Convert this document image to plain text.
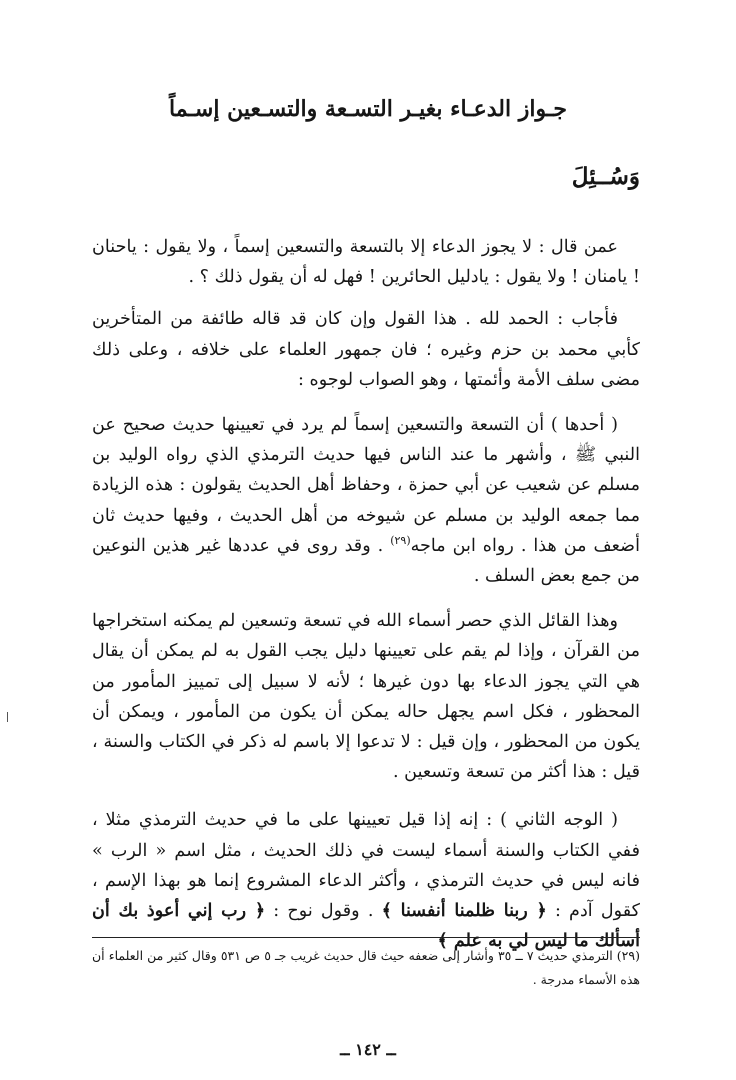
جـواز الدعـاء بغيـر التسـعة والتسـعين إسـماً
وَسُــئِلَ

عمن قال : لا يجوز الدعاء إلا بالتسعة والتسعين إسماً ، ولا يقول : ياحنان ! يامنان ! ولا يقول : يادليل الحائرين ! فهل له أن يقول ذلك ؟ .

فأجاب : الحمد لله . هذا القول وإن كان قد قاله طائفة من المتأخرين كأبي محمد بن حزم وغيره ؛ فان جمهور العلماء على خلافه ، وعلى ذلك مضى سلف الأمة وأئمتها ، وهو الصواب لوجوه :

( أحدها ) أن التسعة والتسعين إسماً لم يرد في تعيينها حديث صحيح عن النبي ﷺ ، وأشهر ما عند الناس فيها حديث الترمذي الذي رواه الوليد بن مسلم عن شعيب عن أبي حمزة ، وحفاظ أهل الحديث يقولون : هذه الزيادة مما جمعه الوليد بن مسلم عن شيوخه من أهل الحديث ، وفيها حديث ثان أضعف من هذا . رواه ابن ماجه$^{(٢٩)}$ . وقد روى في عددها غير هذين النوعين من جمع بعض السلف .

وهذا القائل الذي حصر أسماء الله في تسعة وتسعين لم يمكنه استخراجها من القرآن ، وإذا لم يقم على تعيينها دليل يجب القول به لم يمكن أن يقال هي التي يجوز الدعاء بها دون غيرها ؛ لأنه لا سبيل إلى تمييز المأمور من المحظور ، فكل اسم يجهل حاله يمكن أن يكون من المأمور ، ويمكن أن يكون من المحظور ، وإن قيل : لا تدعوا إلا باسم له ذكر في الكتاب والسنة ، قيل : هذا أكثر من تسعة وتسعين .

( الوجه الثاني ) : إنه إذا قيل تعيينها على ما في حديث الترمذي مثلا ، ففي الكتاب والسنة أسماء ليست في ذلك الحديث ، مثل اسم « الرب » فانه ليس في حديث الترمذي ، وأكثر الدعاء المشروع إنما هو بهذا الإسم ، كقول آدم : ﴿ ربنا ظلمنا أنفسنا ﴾ . وقول نوح : ﴿ رب إني أعوذ بك أن أسألك ما ليس لي به علم ﴾

(٢٩) الترمذي حديث ٧ ــ ٣٥ وأشار إلى ضعفه حيث قال حديث غريب جـ ٥ ص ٥٣١ وقال كثير من العلماء أن هذه الأسماء مدرجة .
ــ ١٤٢ ــ
